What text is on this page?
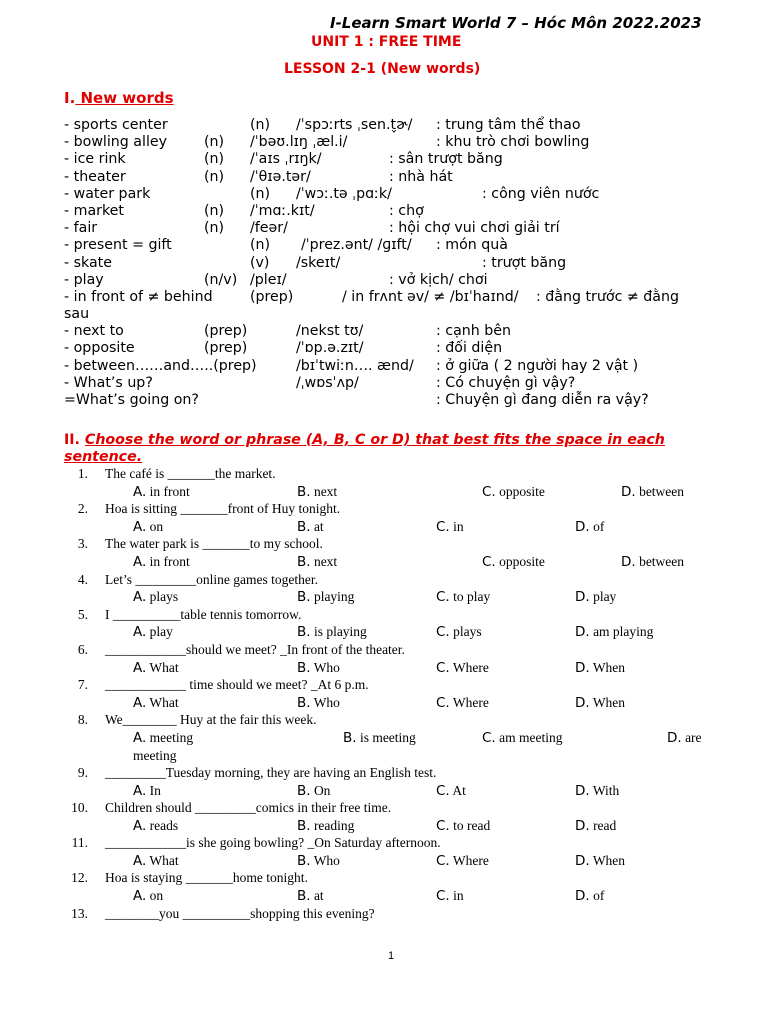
I-Learn Smart World 7 – Hóc Môn 2022.2023
UNIT 1 : FREE TIME
LESSON 2-1 (New words)
I. New words
- sports center	(n) /ˈspɔːrts ˌsen.t̬ɚ/ : trung tâm thể thao
- bowling alley	(n) /ˈbəʊ.lɪŋ ˌæl.i/	: khu trò chơi bowling
- ice rink	(n) /ˈaɪs ˌrɪŋk/	: sân trượt băng
- theater	(n) /ˈθɪə.tər/	: nhà hát
- water park	(n) /ˈwɔː.tə ˌpɑːk/	: công viên nước
- market	(n) /ˈmɑː.kɪt/	: chợ
- fair	(n) /feər/	: hội chợ vui chơi giải trí
- present = gift	(n) /ˈprez.ənt/ /ɡɪft/ : món quà
- skate	(v) /skeɪt/	: trượt băng
- play	(n/v) /pleɪ/	: vở kịch/ chơi
- in front of ≠ behind	(prep)	/ in frʌnt əv/ ≠ /bɪˈhaɪnd/ : đằng trước ≠ đằng
sau
- next to	(prep)	/nekst tʊ/	: cạnh bên
- opposite	(prep)	/ˈɒp.ə.zɪt/	: đối diện
- between……and…..(prep)	/bɪˈtwiːn…. ænd/ : ở giữa ( 2 người hay 2 vật )
- What’s up?	/ˌwɒsˈʌp/	: Có chuyện gì vậy?
=What’s going on?	: Chuyện gì đang diễn ra vậy?
II. Choose the word or phrase (A, B, C or D) that best fits the space in each sentence.
1. The café is _______the market.
A. in front	B. next	C. opposite	D. between
2. Hoa is sitting _______front of Huy tonight.
A. on	B. at	C. in	D. of
3. The water park is _______to my school.
A. in front	B. next	C. opposite	D. between
4. Let’s _________online games together.
A. plays	B. playing	C. to play	D. play
5. I __________table tennis tomorrow.
A. play	B. is playing	C. plays	D. am playing
6. ____________should we meet? _In front of the theater.
A. What	B. Who	C. Where	D. When
7. ____________ time should we meet? _At 6 p.m.
A. What	B. Who	C. Where	D. When
8. We________ Huy at the fair this week.
A. meeting	B. is meeting	C. am meeting	D. are
meeting
9. _________Tuesday morning, they are having an English test.
A. In	B. On	C. At	D. With
10. Children should _________comics in their free time.
A. reads	B. reading	C. to read	D. read
11. ____________is she going bowling? _On Saturday afternoon.
A. What	B. Who	C. Where	D. When
12. Hoa is staying _______home tonight.
A. on	B. at	C. in	D. of
13. ________you __________shopping this evening?
1
